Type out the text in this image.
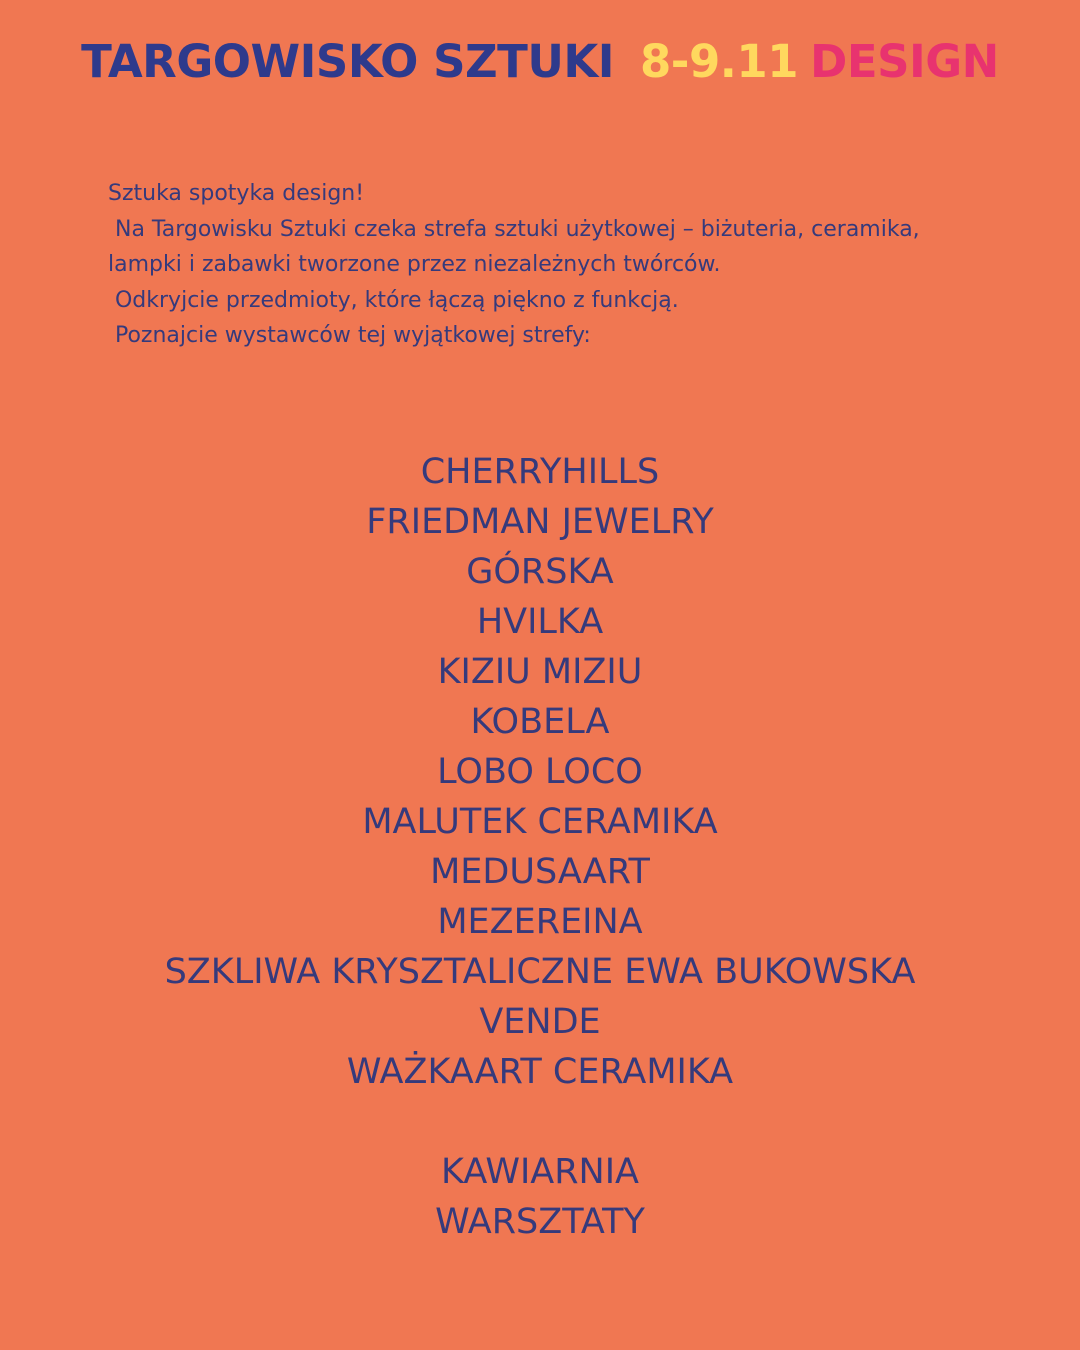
TARGOWISKO SZTUKI 8-9.11 DESIGN

Sztuka spotyka design!

Na Targowisku Sztuki czeka strefa sztuki użytkowej – biżuteria, ceramika,

lampki i zabawki tworzone przez niezależnych twórców.

Odkryjcie przedmioty, które łączą piękno z funkcją.

Poznajcie wystawców tej wyjątkowej strefy:

CHERRYHILLS
FRIEDMAN JEWELRY
GÓRSKA
HVILKA
KIZIU MIZIU
KOBELA
LOBO LOCO
MALUTEK CERAMIKA
MEDUSAART
MEZEREINA
SZKLIWA KRYSZTALICZNE EWA BUKOWSKA
VENDE
WAŻKAART CERAMIKA
KAWIARNIA
WARSZTATY
